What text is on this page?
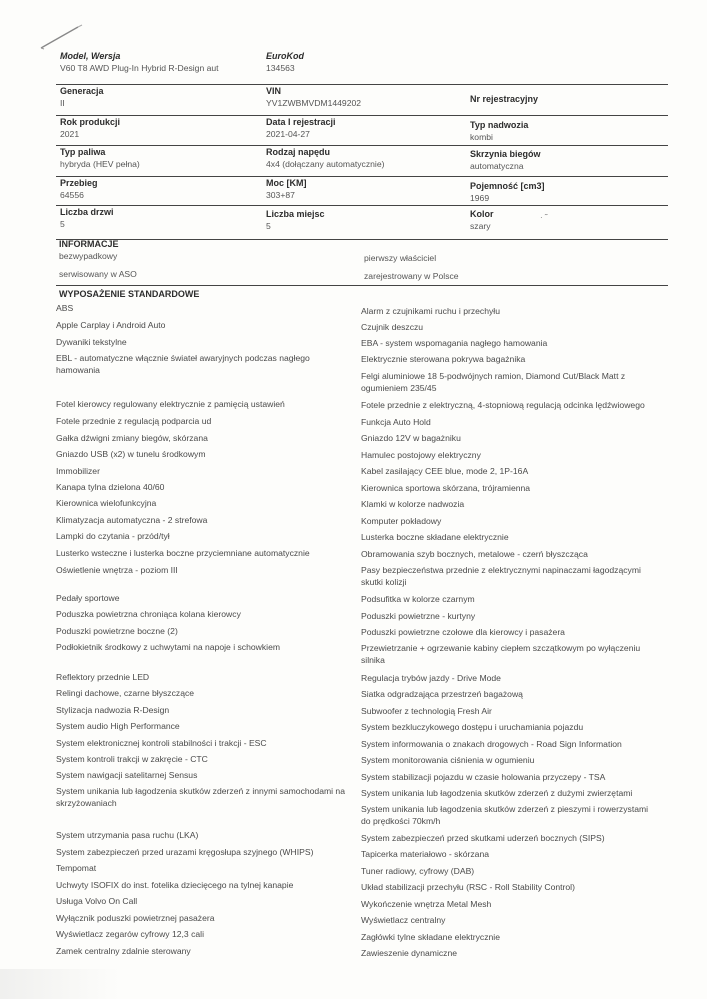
Model, Wersja
V60 T8 AWD Plug-In Hybrid R-Design aut
EuroKod
134563
Generacja
II
VIN
YV1ZWBMVDM1449202	Nr rejestracyjny
Rok produkcji
2021
Data I rejestracji
2021-04-27
Typ nadwozia
kombi
Typ paliwa
hybryda (HEV pełna)
Rodzaj napędu
4x4 (dołączany automatycznie)
Skrzynia biegów
automatyczna
Przebieg
64556
Moc [KM]
303+87
Pojemność [cm3]
1969
Liczba drzwi
5
Liczba miejsc
5
Kolor
szary
· ˜
INFORMACJE
bezwypadkowy
serwisowany w ASO
pierwszy właściciel
zarejestrowany w Polsce
WYPOSAŻENIE STANDARDOWE
ABS
Apple Carplay i Android Auto
Dywaniki tekstylne
EBL - automatyczne włącznie świateł awaryjnych podczas nagłego hamowania
Fotel kierowcy regulowany elektrycznie z pamięcią ustawień
Fotele przednie z regulacją podparcia ud
Gałka dźwigni zmiany biegów, skórzana
Gniazdo USB (x2) w tunelu środkowym
Immobilizer
Kanapa tylna dzielona 40/60
Kierownica wielofunkcyjna
Klimatyzacja automatyczna - 2 strefowa
Lampki do czytania - przód/tył
Lusterko wsteczne i lusterka boczne przyciemniane automatycznie
Oświetlenie wnętrza - poziom III
Pedały sportowe
Poduszka powietrzna chroniąca kolana kierowcy
Poduszki powietrzne boczne (2)
Podłokietnik środkowy z uchwytami na napoje i schowkiem
Reflektory przednie LED
Relingi dachowe, czarne błyszczące
Stylizacja nadwozia R-Design
System audio High Performance
System elektronicznej kontroli stabilności i trakcji - ESC
System kontroli trakcji w zakręcie - CTC
System nawigacji satelitarnej Sensus
System unikania lub łagodzenia skutków zderzeń z innymi samochodami na skrzyżowaniach
System utrzymania pasa ruchu (LKA)
System zabezpieczeń przed urazami kręgosłupa szyjnego (WHIPS)
Tempomat
Uchwyty ISOFIX do inst. fotelika dziecięcego na tylnej kanapie
Usługa Volvo On Call
Wyłącznik poduszki powietrznej pasażera
Wyświetlacz zegarów cyfrowy 12,3 cali
Zamek centralny zdalnie sterowany
Alarm z czujnikami ruchu i przechyłu
Czujnik deszczu
EBA - system wspomagania nagłego hamowania
Elektrycznie sterowana pokrywa bagażnika
Felgi aluminiowe 18 5-podwójnych ramion, Diamond Cut/Black Matt z ogumieniem 235/45
Fotele przednie z elektryczną, 4-stopniową regulacją odcinka lędźwiowego
Funkcja Auto Hold
Gniazdo 12V w bagażniku
Hamulec postojowy elektryczny
Kabel zasilający CEE blue, mode 2, 1P-16A
Kierownica sportowa skórzana, trójramienna
Klamki w kolorze nadwozia
Komputer pokładowy
Lusterka boczne składane elektrycznie
Obramowania szyb bocznych, metalowe - czerń błyszcząca
Pasy bezpieczeństwa przednie z elektrycznymi napinaczami łagodzącymi skutki kolizji
Podsufitka w kolorze czarnym
Poduszki powietrzne - kurtyny
Poduszki powietrzne czołowe dla kierowcy i pasażera
Przewietrzanie + ogrzewanie kabiny ciepłem szczątkowym po wyłączeniu silnika
Regulacja trybów jazdy - Drive Mode
Siatka odgradzająca przestrzeń bagażową
Subwoofer z technologią Fresh Air
System bezkluczykowego dostępu i uruchamiania pojazdu
System informowania o znakach drogowych - Road Sign Information
System monitorowania ciśnienia w ogumieniu
System stabilizacji pojazdu w czasie holowania przyczepy - TSA
System unikania lub łagodzenia skutków zderzeń z dużymi zwierzętami
System unikania lub łagodzenia skutków zderzeń z pieszymi i rowerzystami do prędkości 70km/h
System zabezpieczeń przed skutkami uderzeń bocznych (SIPS)
Tapicerka materiałowo - skórzana
Tuner radiowy, cyfrowy (DAB)
Układ stabilizacji przechyłu (RSC - Roll Stability Control)
Wykończenie wnętrza Metal Mesh
Wyświetlacz centralny
Zagłówki tylne składane elektrycznie
Zawieszenie dynamiczne
